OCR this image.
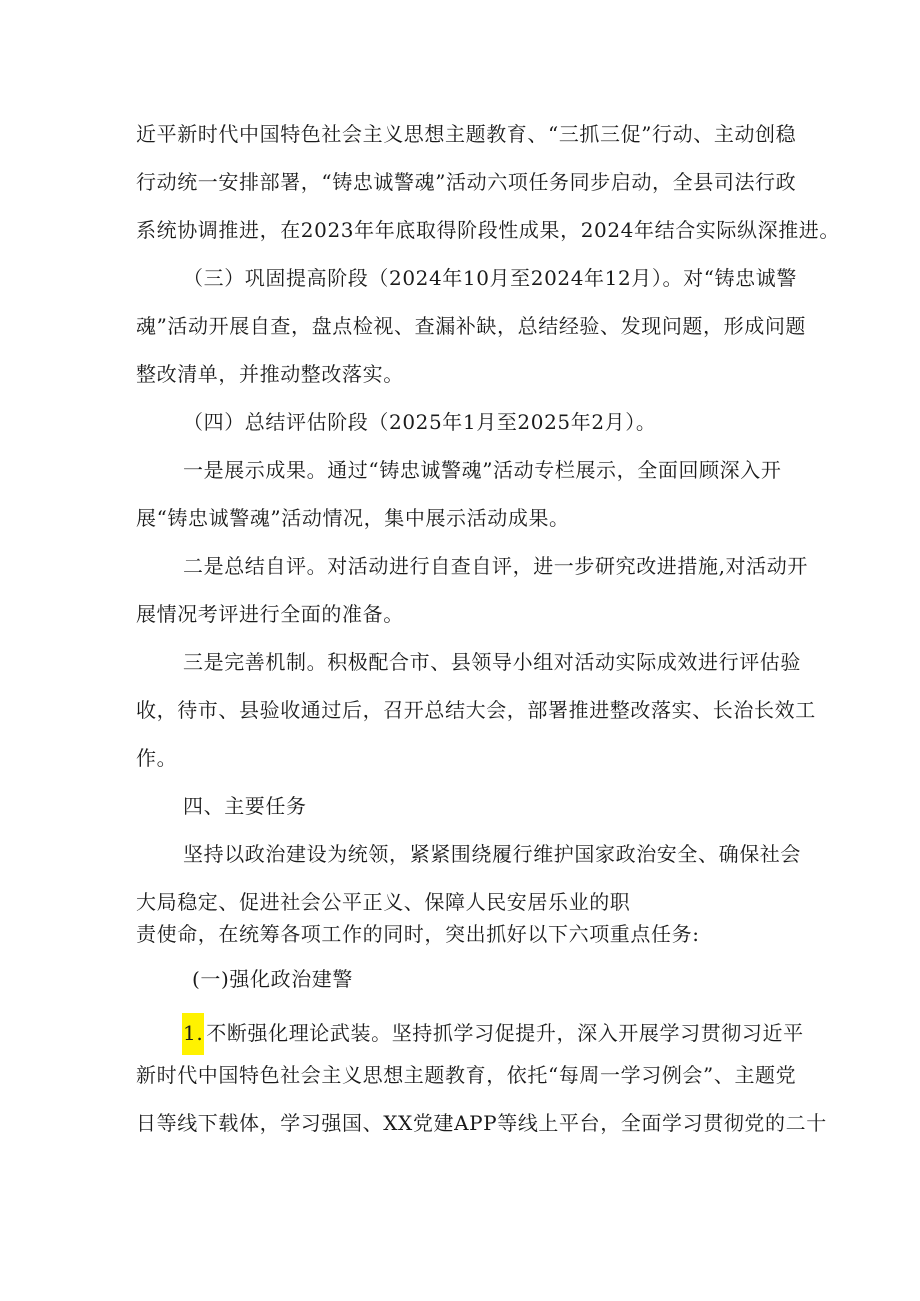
近平新时代中国特色社会主义思想主题教育、“三抓三促”行动、主动创稳
行动统一安排部署，“铸忠诚警魂”活动六项任务同步启动，全县司法行政
系统协调推进，在2023年年底取得阶段性成果，2024年结合实际纵深推进。
（三）巩固提高阶段（2024年10月至2024年12月）。对“铸忠诚警
魂”活动开展自查，盘点检视、查漏补缺，总结经验、发现问题，形成问题
整改清单，并推动整改落实。
（四）总结评估阶段（2025年1月至2025年2月）。
一是展示成果。通过“铸忠诚警魂”活动专栏展示，全面回顾深入开
展“铸忠诚警魂”活动情况，集中展示活动成果。
二是总结自评。对活动进行自查自评，进一步研究改进措施,对活动开
展情况考评进行全面的准备。
三是完善机制。积极配合市、县领导小组对活动实际成效进行评估验
收，待市、县验收通过后，召开总结大会，部署推进整改落实、长治长效工
作。
四、主要任务
坚持以政治建设为统领，紧紧围绕履行维护国家政治安全、确保社会
大局稳定、促进社会公平正义、保障人民安居乐业的职
责使命，在统筹各项工作的同时，突出抓好以下六项重点任务:
(一)强化政治建警
1. 不断强化理论武装。坚持抓学习促提升，深入开展学习贯彻习近平
新时代中国特色社会主义思想主题教育，依托“每周一学习例会”、主题党
日等线下载体，学习强国、XX党建APP等线上平台，全面学习贯彻党的二十
